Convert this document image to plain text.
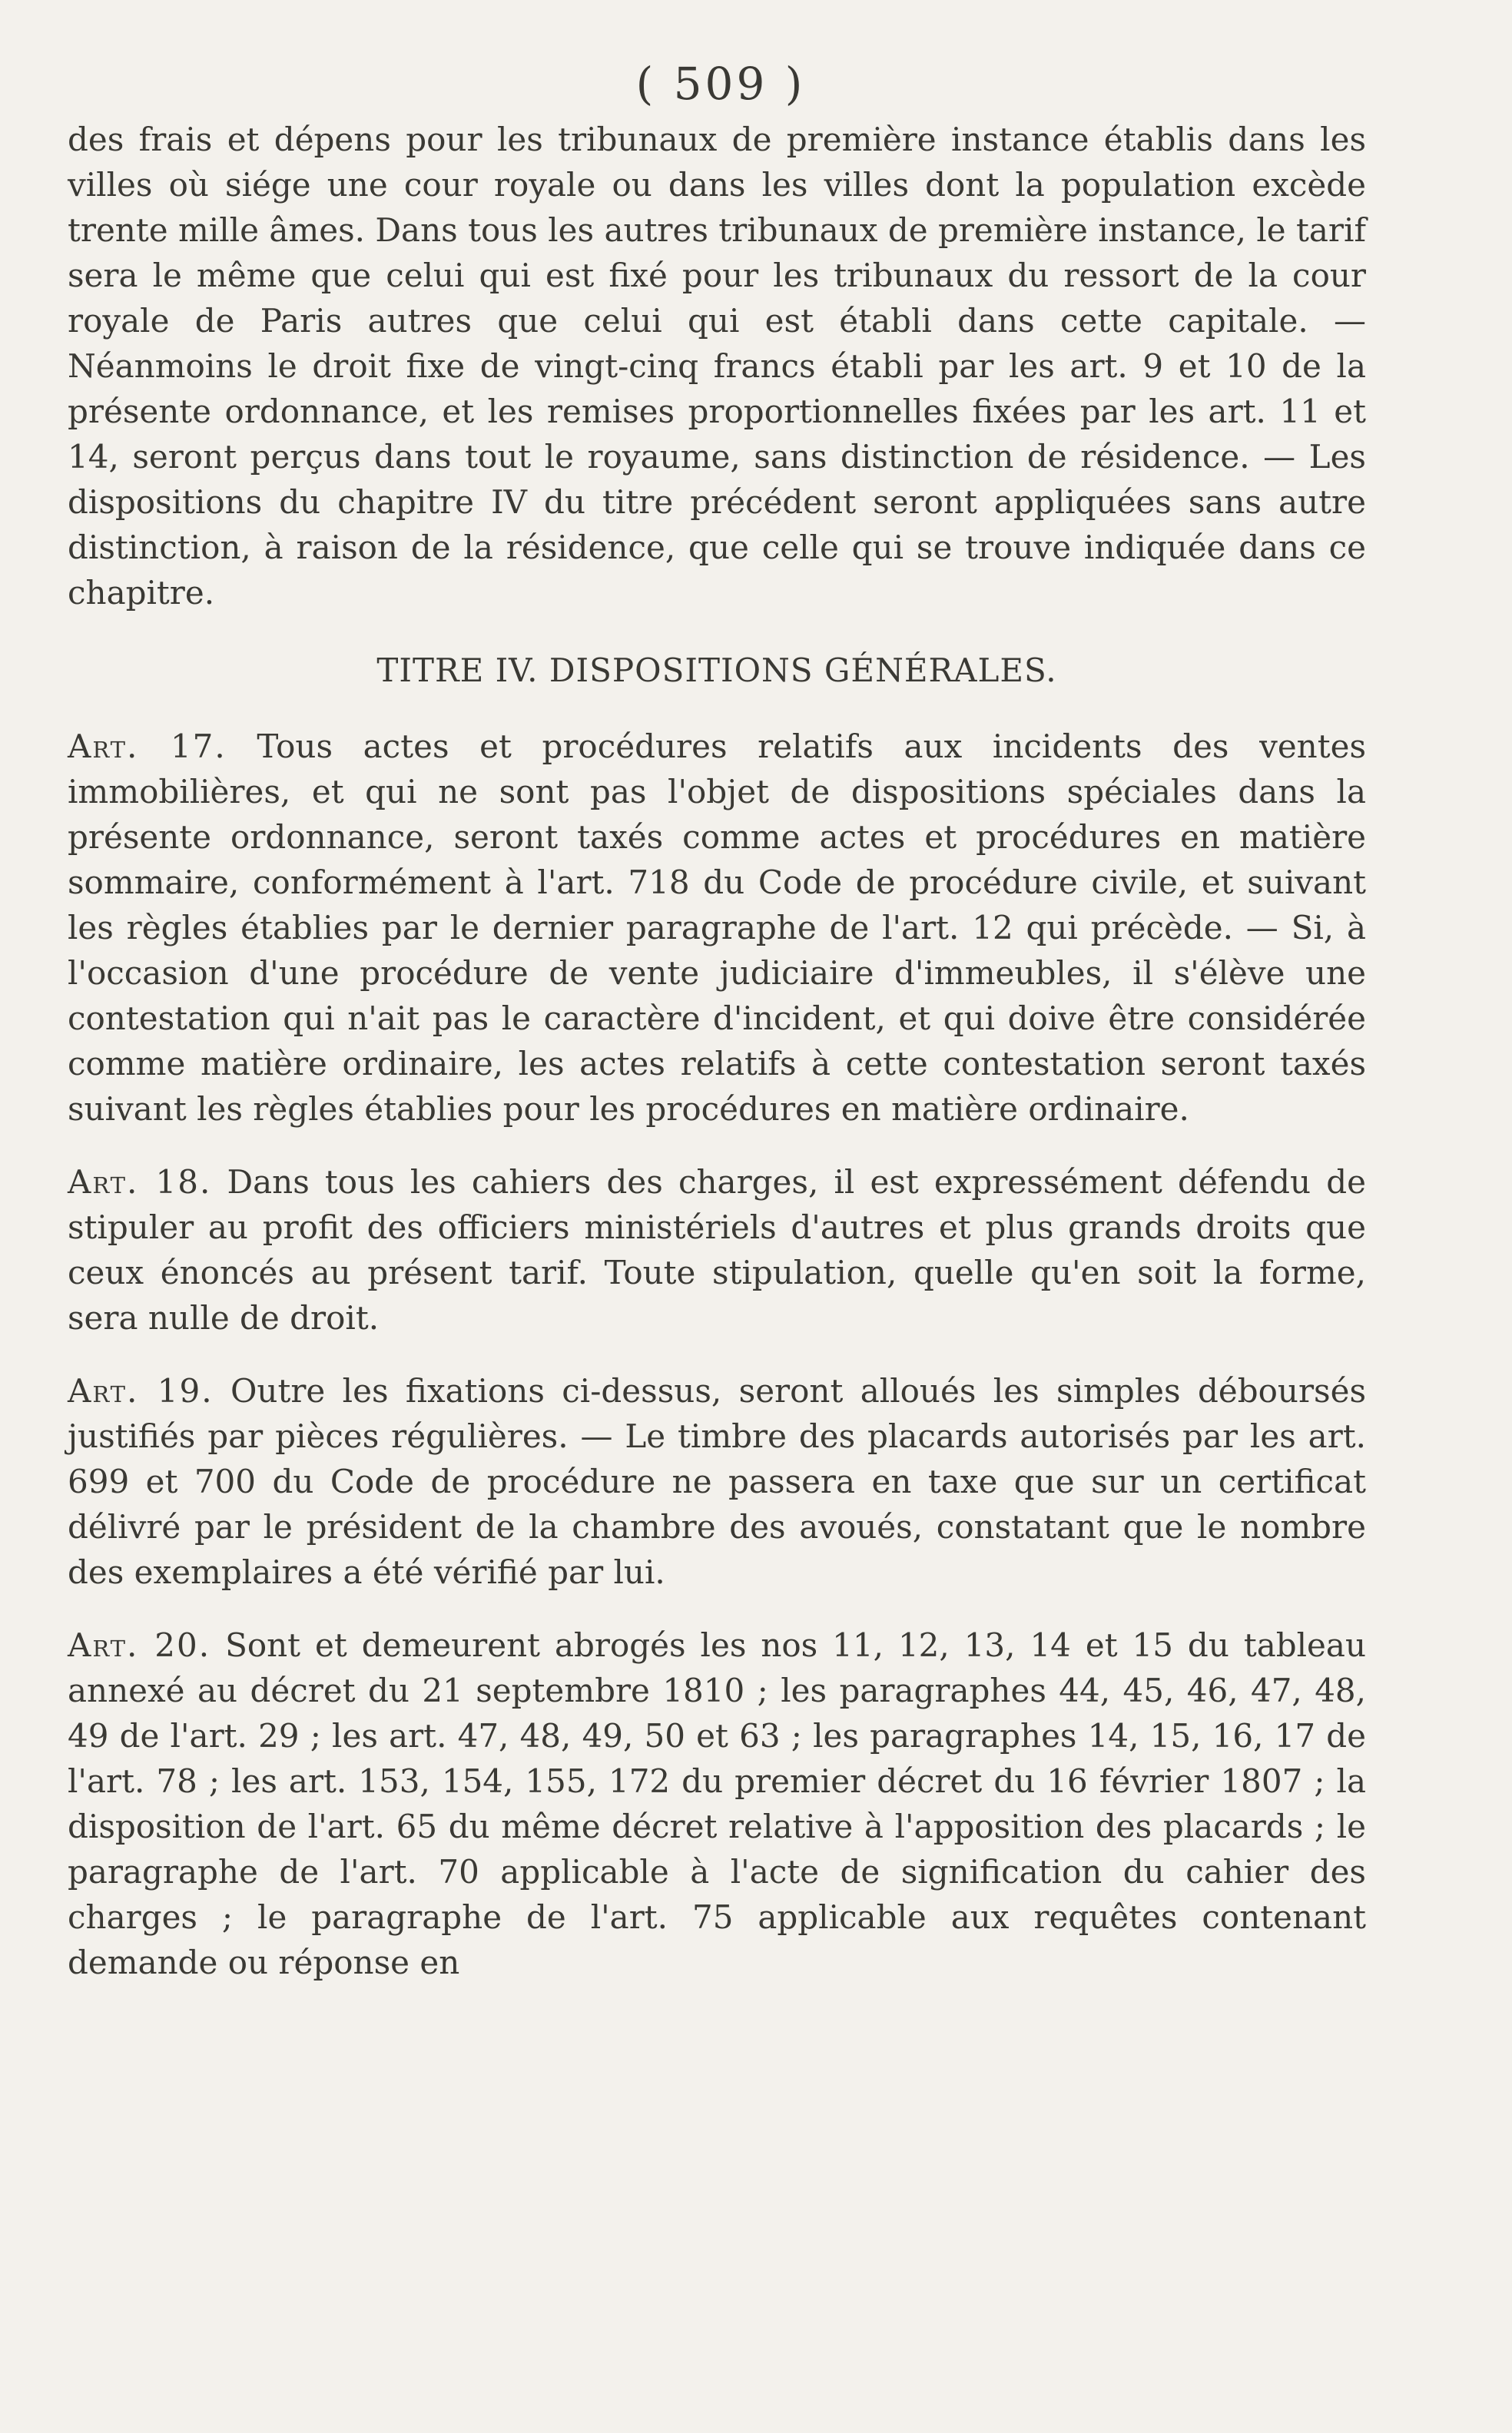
( 509 )

des frais et dépens pour les tribunaux de première instance établis dans les villes où siége une cour royale ou dans les villes dont la population excède trente mille âmes. Dans tous les autres tribunaux de première instance, le tarif sera le même que celui qui est fixé pour les tribunaux du ressort de la cour royale de Paris autres que celui qui est établi dans cette capitale. — Néanmoins le droit fixe de vingt-cinq francs établi par les art. 9 et 10 de la présente ordonnance, et les remises proportionnelles fixées par les art. 11 et 14, seront perçus dans tout le royaume, sans distinction de résidence. — Les dispositions du chapitre IV du titre précédent seront appliquées sans autre distinction, à raison de la résidence, que celle qui se trouve indiquée dans ce chapitre.

TITRE IV. DISPOSITIONS GÉNÉRALES.

Art. 17. Tous actes et procédures relatifs aux incidents des ventes immobilières, et qui ne sont pas l'objet de dispositions spéciales dans la présente ordonnance, seront taxés comme actes et procédures en matière sommaire, conformément à l'art. 718 du Code de procédure civile, et suivant les règles établies par le dernier paragraphe de l'art. 12 qui précède. — Si, à l'occasion d'une procédure de vente judiciaire d'immeubles, il s'élève une contestation qui n'ait pas le caractère d'incident, et qui doive être considérée comme matière ordinaire, les actes relatifs à cette contestation seront taxés suivant les règles établies pour les procédures en matière ordinaire.

Art. 18. Dans tous les cahiers des charges, il est expressément défendu de stipuler au profit des officiers ministériels d'autres et plus grands droits que ceux énoncés au présent tarif. Toute stipulation, quelle qu'en soit la forme, sera nulle de droit.

Art. 19. Outre les fixations ci-dessus, seront alloués les simples déboursés justifiés par pièces régulières. — Le timbre des placards autorisés par les art. 699 et 700 du Code de procédure ne passera en taxe que sur un certificat délivré par le président de la chambre des avoués, constatant que le nombre des exemplaires a été vérifié par lui.

Art. 20. Sont et demeurent abrogés les nos 11, 12, 13, 14 et 15 du tableau annexé au décret du 21 septembre 1810 ; les paragraphes 44, 45, 46, 47, 48, 49 de l'art. 29 ; les art. 47, 48, 49, 50 et 63 ; les paragraphes 14, 15, 16, 17 de l'art. 78 ; les art. 153, 154, 155, 172 du premier décret du 16 février 1807 ; la disposition de l'art. 65 du même décret relative à l'apposition des placards ; le paragraphe de l'art. 70 applicable à l'acte de signification du cahier des charges ; le paragraphe de l'art. 75 applicable aux requêtes contenant demande ou réponse en
